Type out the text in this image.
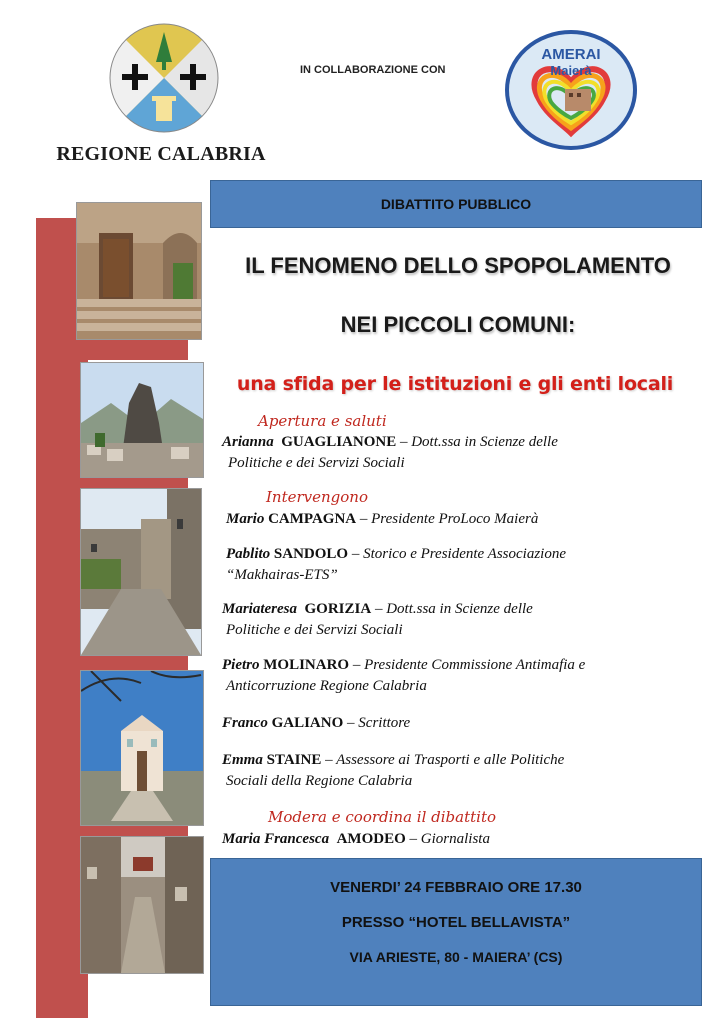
REGIONE CALABRIA
IN COLLABORAZIONE CON
AMERAI
Maierà
DIBATTITO PUBBLICO
IL FENOMENO DELLO SPOPOLAMENTO
NEI PICCOLI COMUNI:
una sfida per le istituzioni e gli enti locali
Apertura e saluti
Arianna GUAGLIANONE – Dott.ssa in Scienze delle
Politiche e dei Servizi Sociali
Intervengono
Mario CAMPAGNA – Presidente ProLoco Maierà
Pablito SANDOLO – Storico e Presidente Associazione
“Makhairas-ETS”
Mariateresa GORIZIA – Dott.ssa in Scienze delle
Politiche e dei Servizi Sociali
Pietro MOLINARO – Presidente Commissione Antimafia e
Anticorruzione Regione Calabria
Franco GALIANO – Scrittore
Emma STAINE – Assessore ai Trasporti e alle Politiche
Sociali della Regione Calabria
Modera e coordina il dibattito
Maria Francesca AMODEO – Giornalista
VENERDI’ 24 FEBBRAIO ORE 17.30
PRESSO “HOTEL BELLAVISTA”
VIA ARIESTE, 80 - MAIERA’ (CS)
